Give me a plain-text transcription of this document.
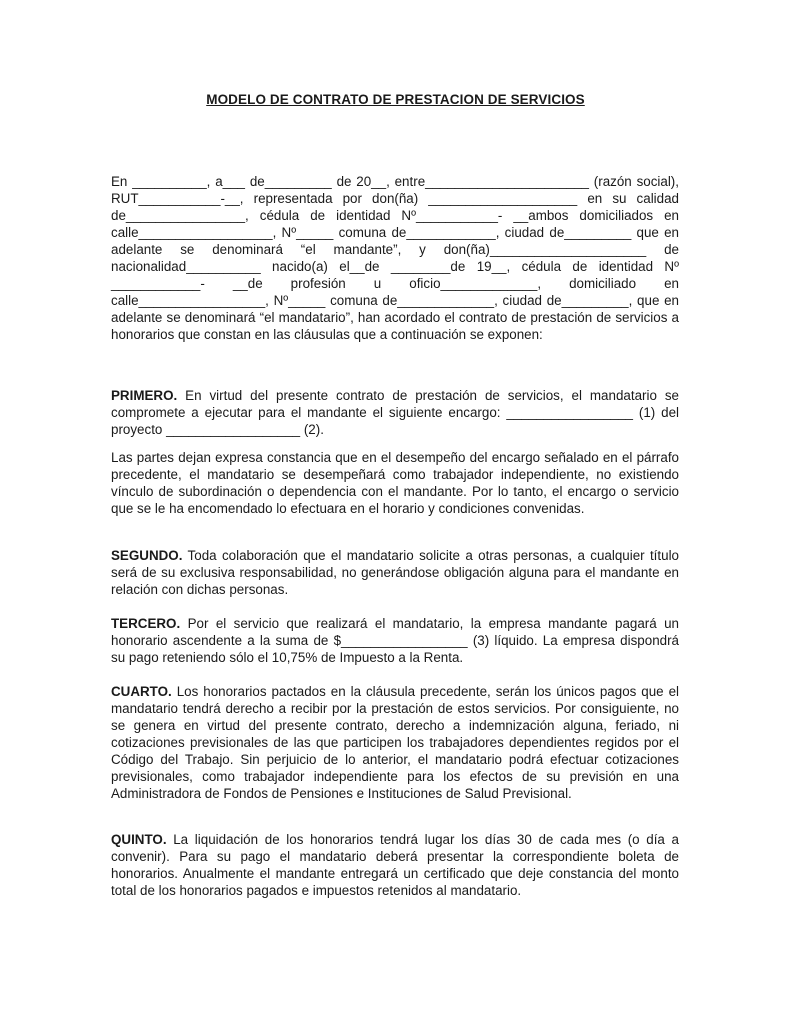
MODELO DE CONTRATO DE PRESTACION DE SERVICIOS

En __________, a___ de_________ de 20__, entre______________________ (razón social), RUT___________-__, representada por don(ña) ____________________ en su calidad de________________, cédula de identidad Nº___________- __ambos domiciliados en calle__________________, Nº_____ comuna de____________, ciudad de_________ que en adelante se denominará “el mandante”, y don(ña)_____________________ de nacionalidad__________ nacido(a) el__de ________de 19__, cédula de identidad Nº ____________- __de profesión u oficio_____________, domiciliado en calle_________________, Nº_____ comuna de_____________, ciudad de_________, que en adelante se denominará “el mandatario”, han acordado el contrato de prestación de servicios a honorarios que constan en las cláusulas que a continuación se exponen:

PRIMERO. En virtud del presente contrato de prestación de servicios, el mandatario se compromete a ejecutar para el mandante el siguiente encargo: _________________ (1) del proyecto __________________ (2).

Las partes dejan expresa constancia que en el desempeño del encargo señalado en el párrafo precedente, el mandatario se desempeñará como trabajador independiente, no existiendo vínculo de subordinación o dependencia con el mandante. Por lo tanto, el encargo o servicio que se le ha encomendado lo efectuara en el horario y condiciones convenidas.

SEGUNDO. Toda colaboración que el mandatario solicite a otras personas, a cualquier título será de su exclusiva responsabilidad, no generándose obligación alguna para el mandante en relación con dichas personas.

TERCERO. Por el servicio que realizará el mandatario, la empresa mandante pagará un honorario ascendente a la suma de $_________________ (3) líquido. La empresa dispondrá su pago reteniendo sólo el 10,75% de Impuesto a la Renta.

CUARTO. Los honorarios pactados en la cláusula precedente, serán los únicos pagos que el mandatario tendrá derecho a recibir por la prestación de estos servicios. Por consiguiente, no se genera en virtud del presente contrato, derecho a indemnización alguna, feriado, ni cotizaciones previsionales de las que participen los trabajadores dependientes regidos por el Código del Trabajo. Sin perjuicio de lo anterior, el mandatario podrá efectuar cotizaciones previsionales, como trabajador independiente para los efectos de su previsión en una Administradora de Fondos de Pensiones e Instituciones de Salud Previsional.

QUINTO. La liquidación de los honorarios tendrá lugar los días 30 de cada mes (o día a convenir). Para su pago el mandatario deberá presentar la correspondiente boleta de honorarios. Anualmente el mandante entregará un certificado que deje constancia del monto total de los honorarios pagados e impuestos retenidos al mandatario.
